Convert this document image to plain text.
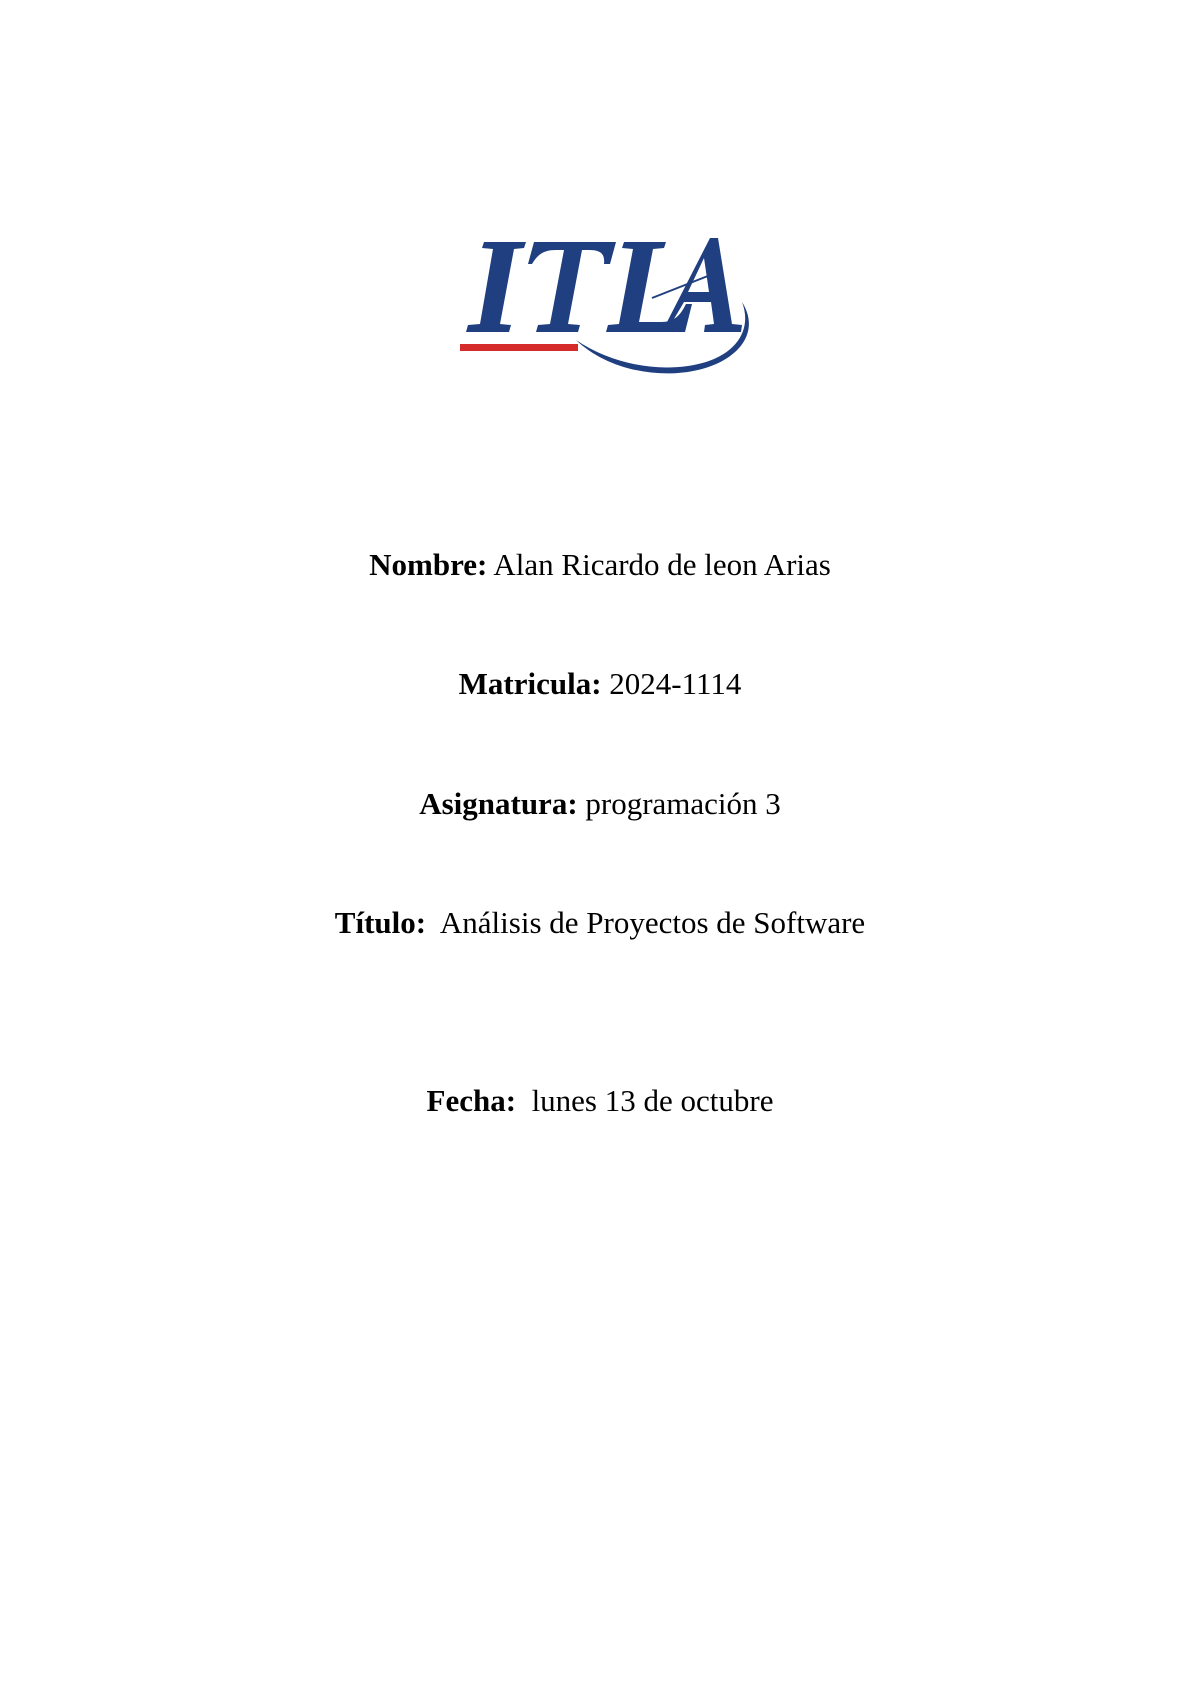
Nombre: Alan Ricardo de leon Arias
Matricula: 2024-1114
Asignatura: programación 3
Título: Análisis de Proyectos de Software
Fecha: lunes 13 de octubre
